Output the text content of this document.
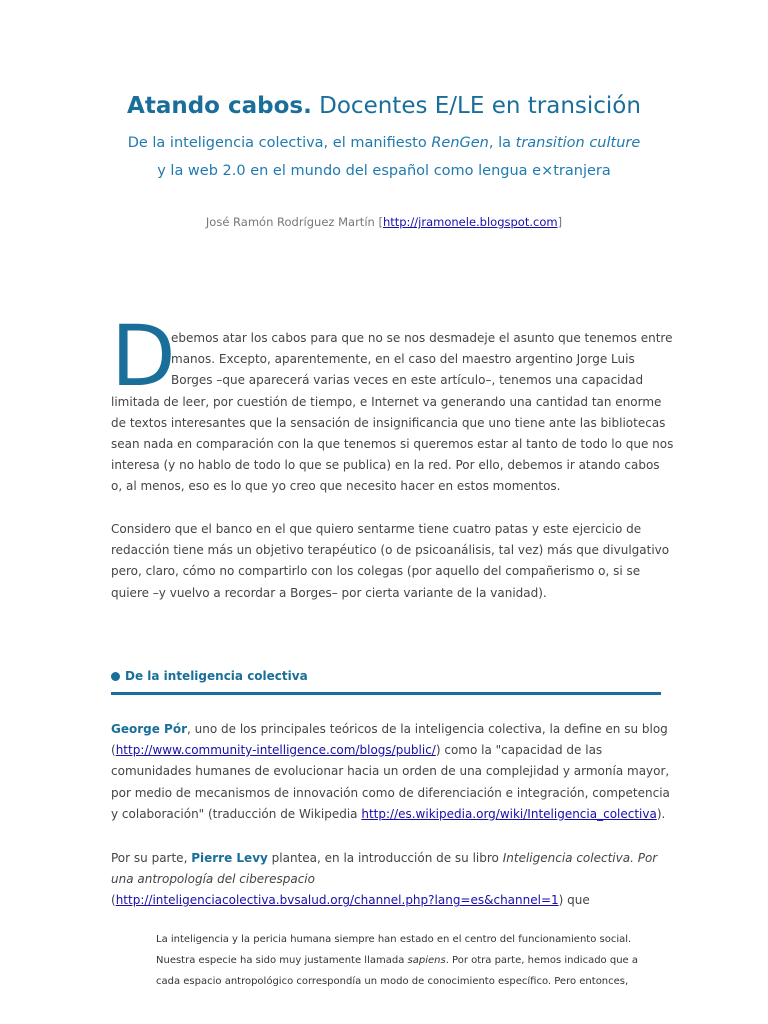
Atando cabos. Docentes E/LE en transición
De la inteligencia colectiva, el manifiesto RenGen, la transition culture
y la web 2.0 en el mundo del español como lengua e×tranjera
José Ramón Rodríguez Martín [http://jramonele.blogspot.com]
D
ebemos atar los cabos para que no se nos desmadeje el asunto que tenemos entre
manos. Excepto, aparentemente, en el caso del maestro argentino Jorge Luis
Borges –que aparecerá varias veces en este artículo–, tenemos una capacidad
limitada de leer, por cuestión de tiempo, e Internet va generando una cantidad tan enorme
de textos interesantes que la sensación de insignificancia que uno tiene ante las bibliotecas
sean nada en comparación con la que tenemos si queremos estar al tanto de todo lo que nos
interesa (y no hablo de todo lo que se publica) en la red. Por ello, debemos ir atando cabos
o, al menos, eso es lo que yo creo que necesito hacer en estos momentos.
Considero que el banco en el que quiero sentarme tiene cuatro patas y este ejercicio de
redacción tiene más un objetivo terapéutico (o de psicoanálisis, tal vez) más que divulgativo
pero, claro, cómo no compartirlo con los colegas (por aquello del compañerismo o, si se
quiere –y vuelvo a recordar a Borges– por cierta variante de la vanidad).
De la inteligencia colectiva
George Pór, uno de los principales teóricos de la inteligencia colectiva, la define en su blog
(http://www.community-intelligence.com/blogs/public/) como la "capacidad de las
comunidades humanes de evolucionar hacia un orden de una complejidad y armonía mayor,
por medio de mecanismos de innovación como de diferenciación e integración, competencia
y colaboración" (traducción de Wikipedia http://es.wikipedia.org/wiki/Inteligencia_colectiva).
Por su parte, Pierre Levy plantea, en la introducción de su libro Inteligencia colectiva. Por
una antropología del ciberespacio
(http://inteligenciacolectiva.bvsalud.org/channel.php?lang=es&channel=1) que
La inteligencia y la pericia humana siempre han estado en el centro del funcionamiento social.
Nuestra especie ha sido muy justamente llamada sapiens. Por otra parte, hemos indicado que a
cada espacio antropológico correspondía un modo de conocimiento específico. Pero entonces,
